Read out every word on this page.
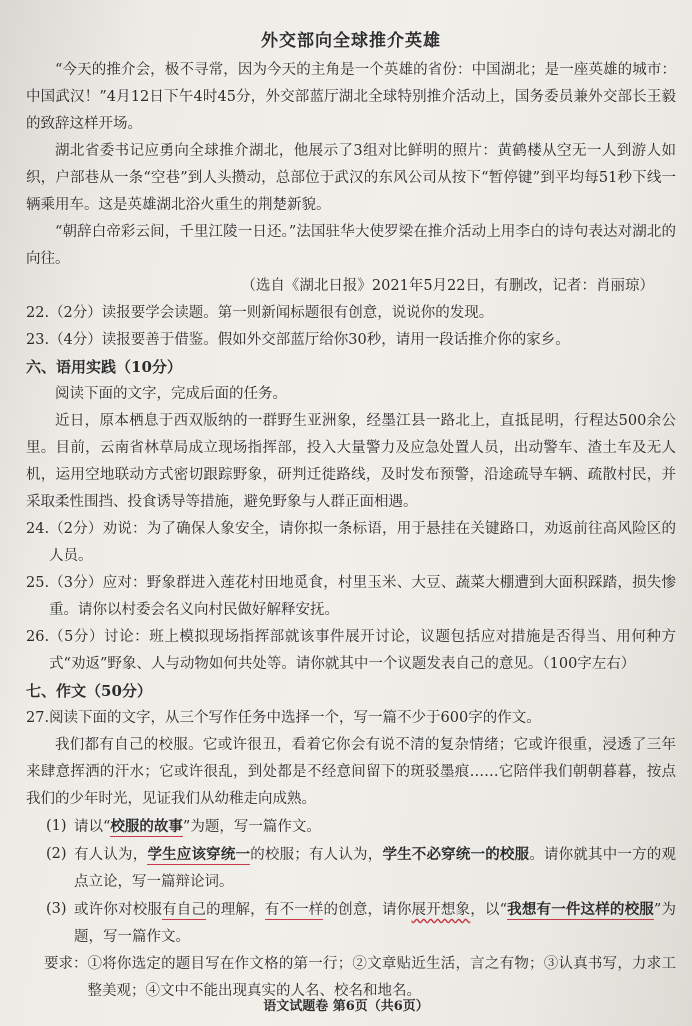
外交部向全球推介英雄

“今天的推介会，极不寻常，因为今天的主角是一个英雄的省份：中国湖北；是一座英雄的城市：中国武汉！”4月12日下午4时45分，外交部蓝厅湖北全球特别推介活动上，国务委员兼外交部长王毅的致辞这样开场。

湖北省委书记应勇向全球推介湖北，他展示了3组对比鲜明的照片：黄鹤楼从空无一人到游人如织，户部巷从一条“空巷”到人头攒动，总部位于武汉的东风公司从按下“暂停键”到平均每51秒下线一辆乘用车。这是英雄湖北浴火重生的荆楚新貌。

“朝辞白帝彩云间，千里江陵一日还。”法国驻华大使罗梁在推介活动上用李白的诗句表达对湖北的向往。

（选自《湖北日报》2021年5月22日，有删改，记者：肖丽琼）

22. （2分）读报要学会读题。第一则新闻标题很有创意，说说你的发现。
23. （4分）读报要善于借鉴。假如外交部蓝厅给你30秒，请用一段话推介你的家乡。
六、语用实践（10分）

阅读下面的文字，完成后面的任务。

近日，原本栖息于西双版纳的一群野生亚洲象，经墨江县一路北上，直抵昆明，行程达500余公里。目前，云南省林草局成立现场指挥部，投入大量警力及应急处置人员，出动警车、渣土车及无人机，运用空地联动方式密切跟踪野象，研判迁徙路线，及时发布预警，沿途疏导车辆、疏散村民，并采取柔性围挡、投食诱导等措施，避免野象与人群正面相遇。

24. （2分）劝说：为了确保人象安全，请你拟一条标语，用于悬挂在关键路口，劝返前往高风险区的人员。
25. （3分）应对：野象群进入莲花村田地觅食，村里玉米、大豆、蔬菜大棚遭到大面积踩踏，损失惨重。请你以村委会名义向村民做好解释安抚。
26. （5分）讨论：班上模拟现场指挥部就该事件展开讨论，议题包括应对措施是否得当、用何种方式“劝返”野象、人与动物如何共处等。请你就其中一个议题发表自己的意见。（100字左右）
七、作文（50分）
27. 阅读下面的文字，从三个写作任务中选择一个，写一篇不少于600字的作文。

我们都有自己的校服。它或许很丑，看着它你会有说不清的复杂情绪；它或许很重，浸透了三年来肆意挥洒的汗水；它或许很乱，到处都是不经意间留下的斑驳墨痕……它陪伴我们朝朝暮暮，按点我们的少年时光，见证我们从幼稚走向成熟。

(1) 请以“校服的故事”为题，写一篇作文。
(2) 有人认为，学生应该穿统一的校服；有人认为，学生不必穿统一的校服。请你就其中一方的观点立论，写一篇辩论词。
(3) 或许你对校服有自己的理解，有不一样的创意，请你展开想象，以“我想有一件这样的校服”为题，写一篇作文。
要求： ①将你选定的题目写在作文格的第一行；②文章贴近生活，言之有物；③认真书写，力求工整美观；④文中不能出现真实的人名、校名和地名。
语文试题卷 第6页（共6页）
